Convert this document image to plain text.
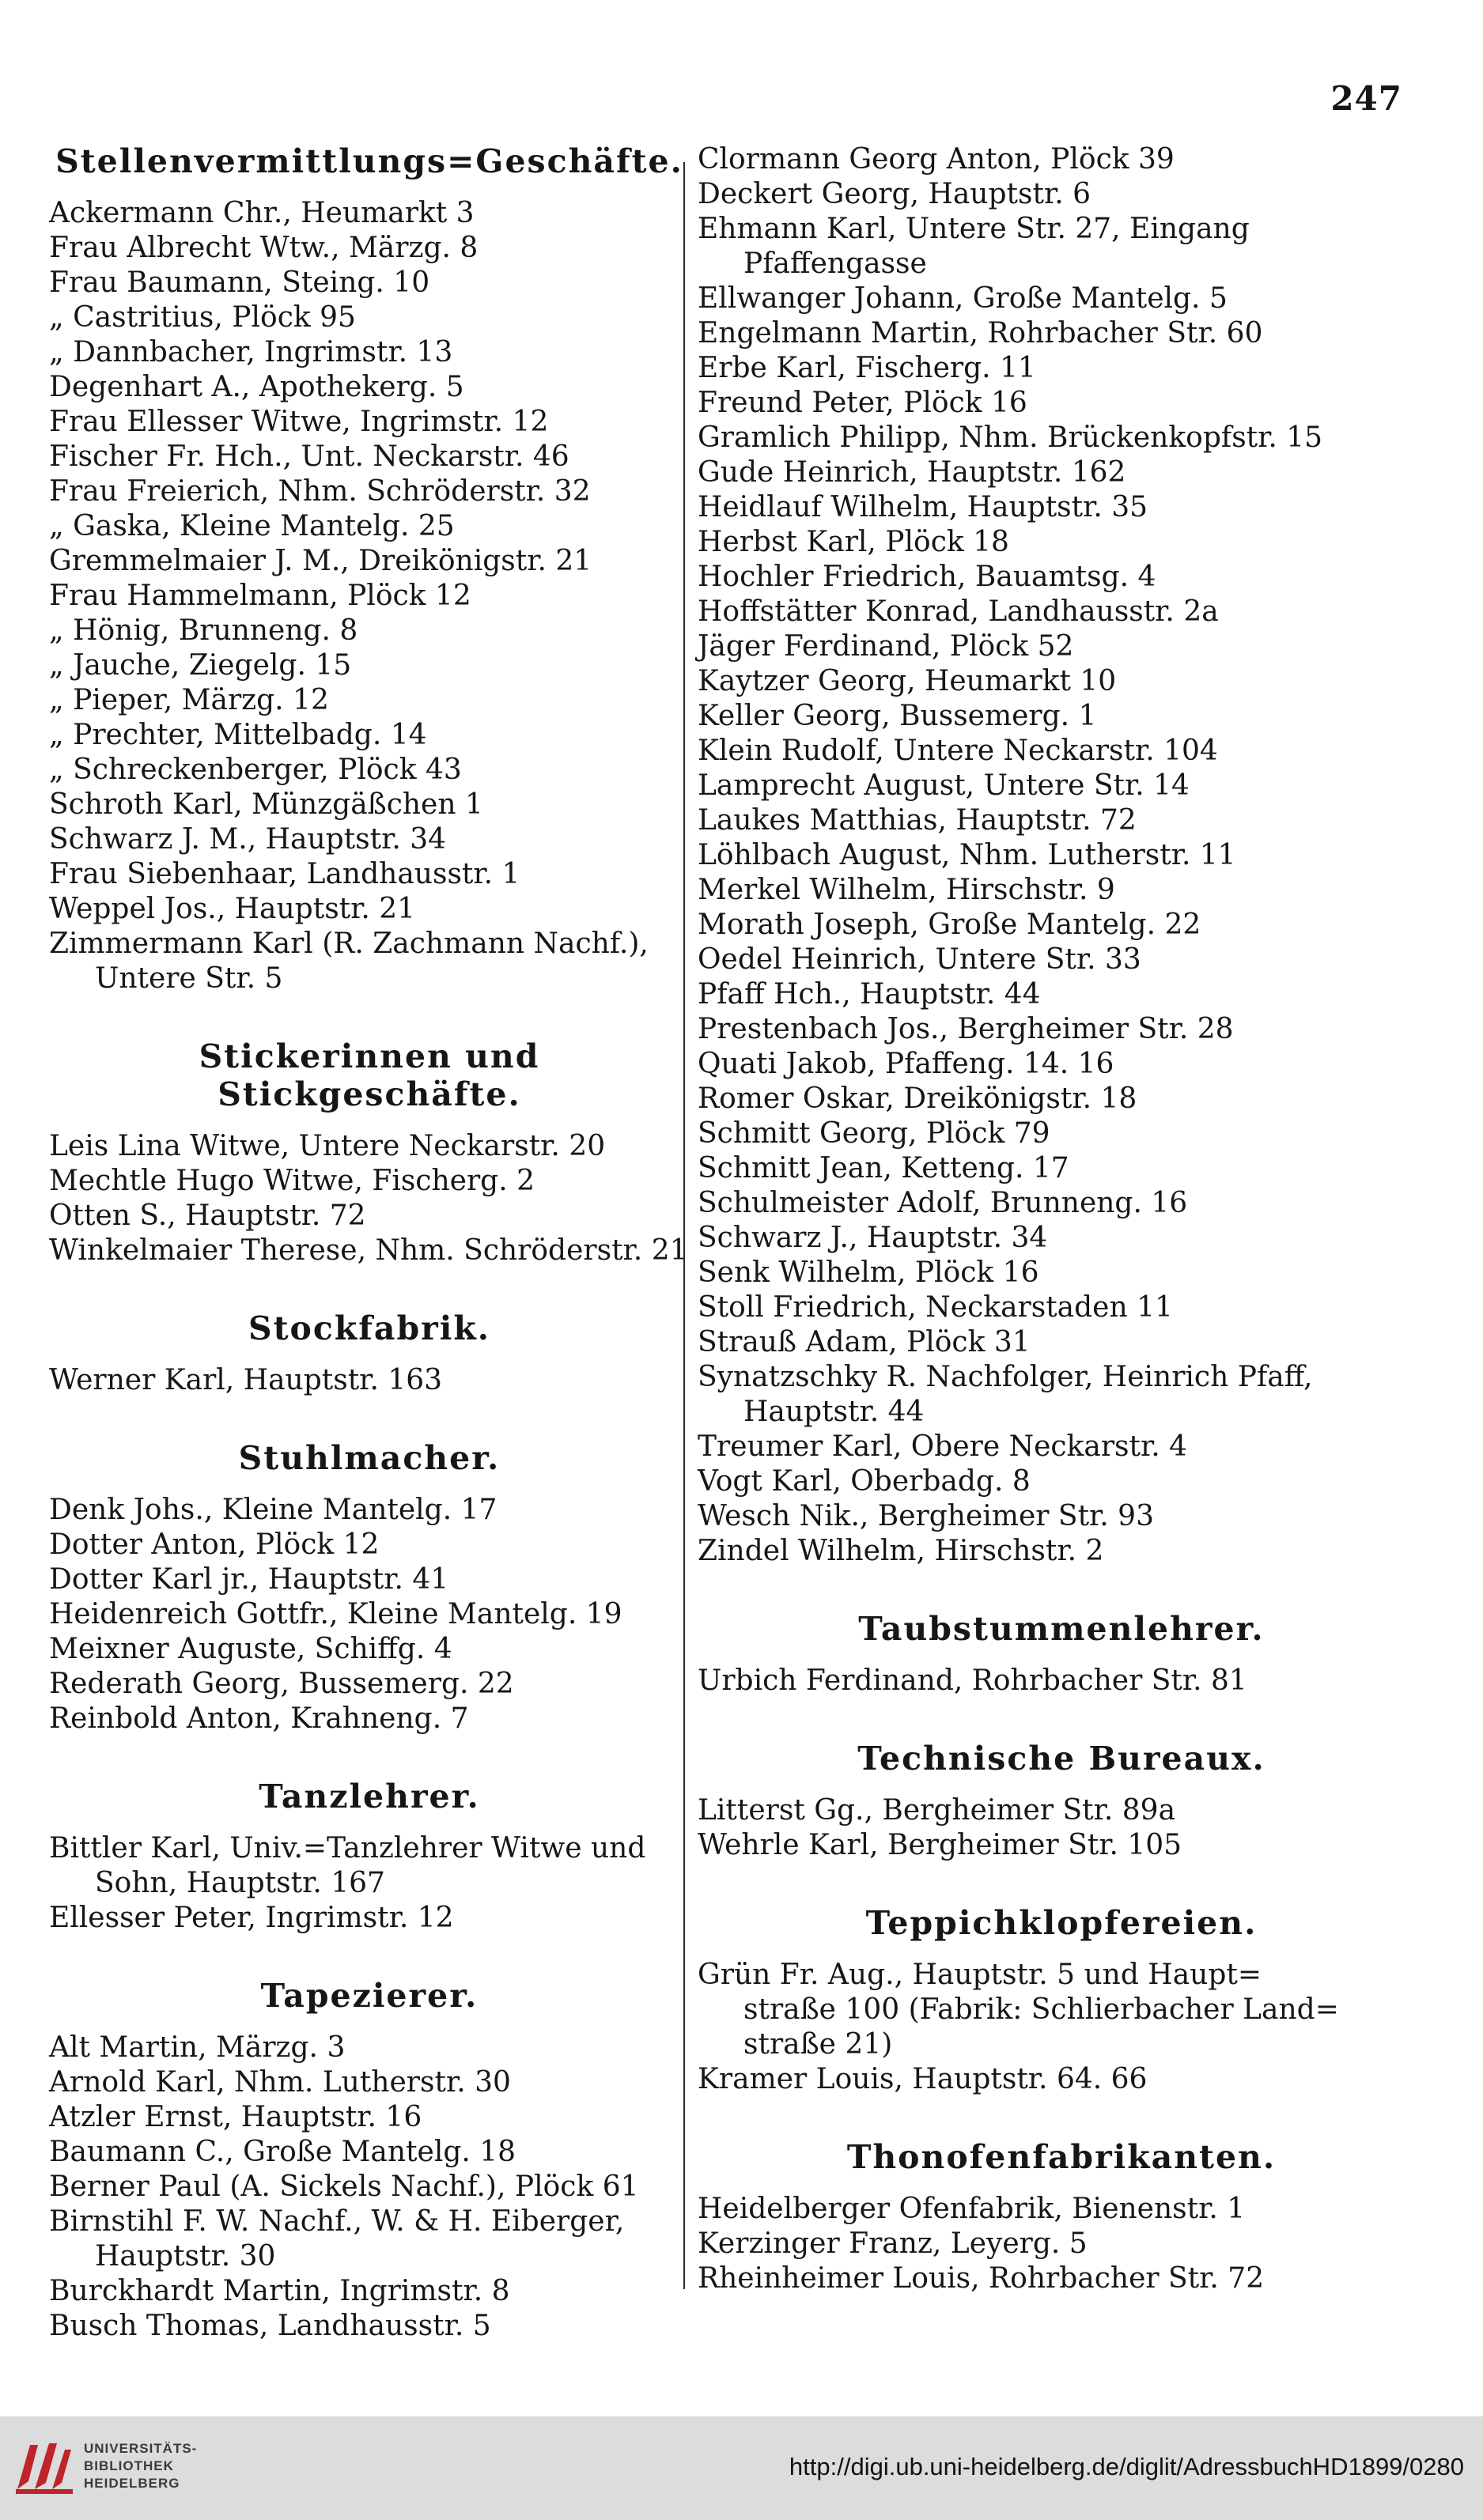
247
Stellenvermittlungs=Geschäfte.
Ackermann Chr., Heumarkt 3
Frau Albrecht Wtw., Märzg. 8
Frau Baumann, Steing. 10
„ Castritius, Plöck 95
„ Dannbacher, Ingrimstr. 13
Degenhart A., Apothekerg. 5
Frau Ellesser Witwe, Ingrimstr. 12
Fischer Fr. Hch., Unt. Neckarstr. 46
Frau Freierich, Nhm. Schröderstr. 32
„ Gaska, Kleine Mantelg. 25
Gremmelmaier J. M., Dreikönigstr. 21
Frau Hammelmann, Plöck 12
„ Hönig, Brunneng. 8
„ Jauche, Ziegelg. 15
„ Pieper, Märzg. 12
„ Prechter, Mittelbadg. 14
„ Schreckenberger, Plöck 43
Schroth Karl, Münzgäßchen 1
Schwarz J. M., Hauptstr. 34
Frau Siebenhaar, Landhausstr. 1
Weppel Jos., Hauptstr. 21
Zimmermann Karl (R. Zachmann Nachf.),
Untere Str. 5
Stickerinnen und Stickgeschäfte.
Leis Lina Witwe, Untere Neckarstr. 20
Mechtle Hugo Witwe, Fischerg. 2
Otten S., Hauptstr. 72
Winkelmaier Therese, Nhm. Schröderstr. 21
Stockfabrik.
Werner Karl, Hauptstr. 163
Stuhlmacher.
Denk Johs., Kleine Mantelg. 17
Dotter Anton, Plöck 12
Dotter Karl jr., Hauptstr. 41
Heidenreich Gottfr., Kleine Mantelg. 19
Meixner Auguste, Schiffg. 4
Rederath Georg, Bussemerg. 22
Reinbold Anton, Krahneng. 7
Tanzlehrer.
Bittler Karl, Univ.=Tanzlehrer Witwe und
Sohn, Hauptstr. 167
Ellesser Peter, Ingrimstr. 12
Tapezierer.
Alt Martin, Märzg. 3
Arnold Karl, Nhm. Lutherstr. 30
Atzler Ernst, Hauptstr. 16
Baumann C., Große Mantelg. 18
Berner Paul (A. Sickels Nachf.), Plöck 61
Birnstihl F. W. Nachf., W. & H. Eiberger,
Hauptstr. 30
Burckhardt Martin, Ingrimstr. 8
Busch Thomas, Landhausstr. 5
Clormann Georg Anton, Plöck 39
Deckert Georg, Hauptstr. 6
Ehmann Karl, Untere Str. 27, Eingang
Pfaffengasse
Ellwanger Johann, Große Mantelg. 5
Engelmann Martin, Rohrbacher Str. 60
Erbe Karl, Fischerg. 11
Freund Peter, Plöck 16
Gramlich Philipp, Nhm. Brückenkopfstr. 15
Gude Heinrich, Hauptstr. 162
Heidlauf Wilhelm, Hauptstr. 35
Herbst Karl, Plöck 18
Hochler Friedrich, Bauamtsg. 4
Hoffstätter Konrad, Landhausstr. 2a
Jäger Ferdinand, Plöck 52
Kaytzer Georg, Heumarkt 10
Keller Georg, Bussemerg. 1
Klein Rudolf, Untere Neckarstr. 104
Lamprecht August, Untere Str. 14
Laukes Matthias, Hauptstr. 72
Löhlbach August, Nhm. Lutherstr. 11
Merkel Wilhelm, Hirschstr. 9
Morath Joseph, Große Mantelg. 22
Oedel Heinrich, Untere Str. 33
Pfaff Hch., Hauptstr. 44
Prestenbach Jos., Bergheimer Str. 28
Quati Jakob, Pfaffeng. 14. 16
Romer Oskar, Dreikönigstr. 18
Schmitt Georg, Plöck 79
Schmitt Jean, Ketteng. 17
Schulmeister Adolf, Brunneng. 16
Schwarz J., Hauptstr. 34
Senk Wilhelm, Plöck 16
Stoll Friedrich, Neckarstaden 11
Strauß Adam, Plöck 31
Synatzschky R. Nachfolger, Heinrich Pfaff,
Hauptstr. 44
Treumer Karl, Obere Neckarstr. 4
Vogt Karl, Oberbadg. 8
Wesch Nik., Bergheimer Str. 93
Zindel Wilhelm, Hirschstr. 2
Taubstummenlehrer.
Urbich Ferdinand, Rohrbacher Str. 81
Technische Bureaux.
Litterst Gg., Bergheimer Str. 89a
Wehrle Karl, Bergheimer Str. 105
Teppichklopfereien.
Grün Fr. Aug., Hauptstr. 5 und Haupt=
straße 100 (Fabrik: Schlierbacher Land=
straße 21)
Kramer Louis, Hauptstr. 64. 66
Thonofenfabrikanten.
Heidelberger Ofenfabrik, Bienenstr. 1
Kerzinger Franz, Leyerg. 5
Rheinheimer Louis, Rohrbacher Str. 72
UNIVERSITÄTS-
BIBLIOTHEK
HEIDELBERG
http://digi.ub.uni-heidelberg.de/diglit/AdressbuchHD1899/0280
